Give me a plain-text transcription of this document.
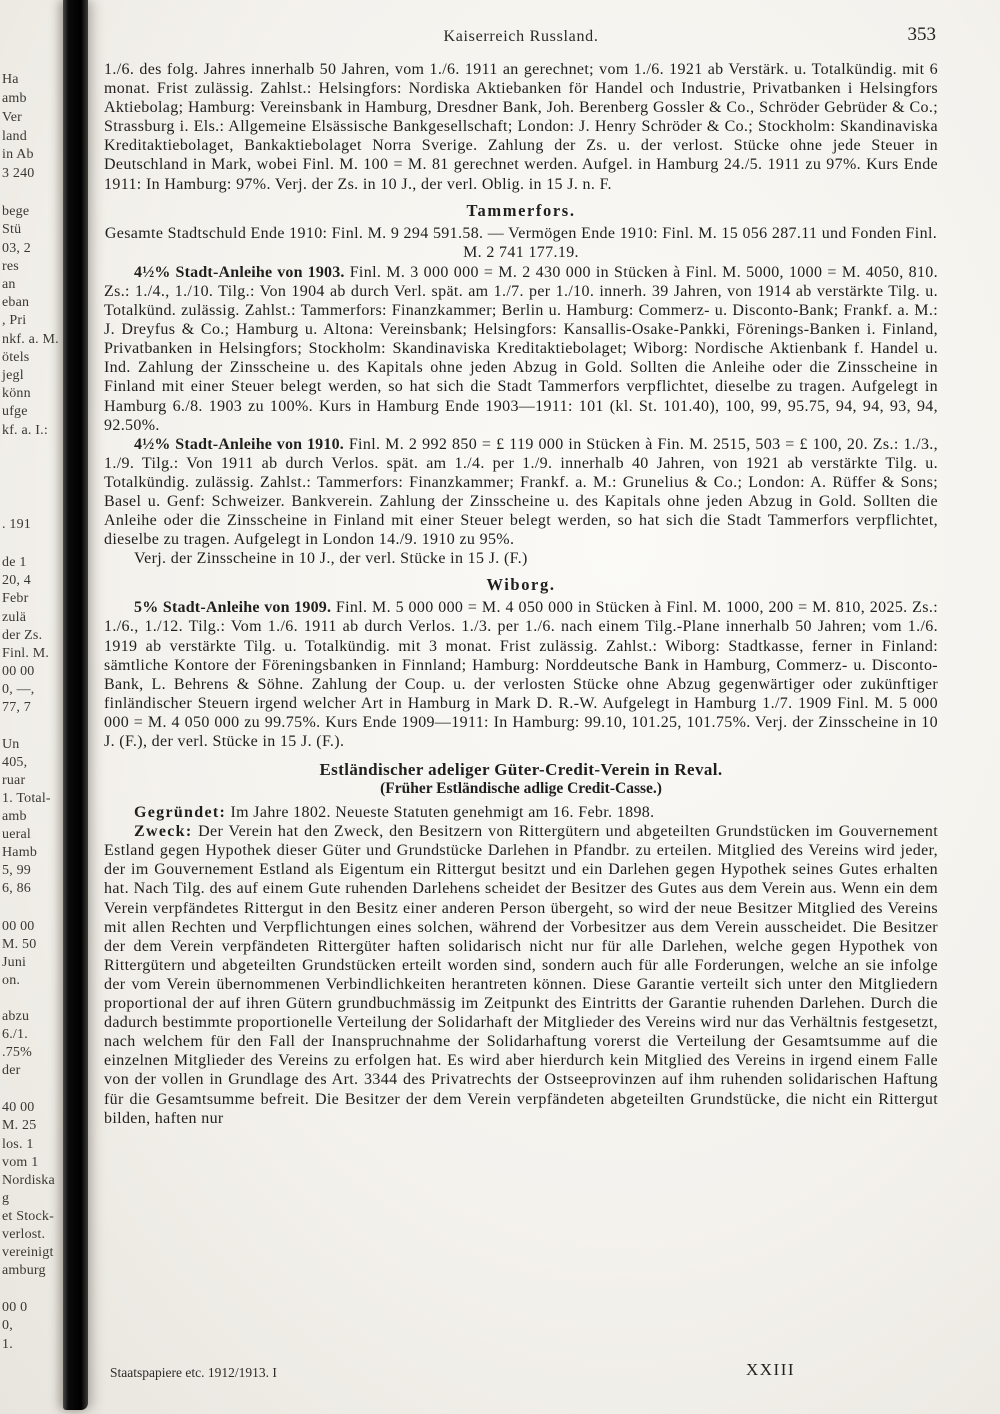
Ha
amb
Ver
land
in Ab
3 240
bege
Stü
03, 2
res
an
eban
, Pri
nkf. a. M.
ötels
jegl
könn
ufge
kf. a. I.:
. 191
de 1
20, 4
Febr
zulä
der Zs.
Finl. M.
00 00
0, —,
77, 7
Un
405,
ruar
1. Total-
amb
ueral
Hamb
5, 99
6, 86
00 00
M. 50
Juni
on.
abzu
6./1.
.75%
der
40 00
M. 25
los. 1
vom 1
Nordiska
g
et Stock-
verlost.
vereinigt
amburg
00 0
0,
1.
Kaiserreich Russland.	353

1./6. des folg. Jahres innerhalb 50 Jahren, vom 1./6. 1911 an gerechnet; vom 1./6. 1921 ab Verstärk. u. Totalkündig. mit 6 monat. Frist zulässig. Zahlst.: Helsingfors: Nordiska Aktiebanken för Handel och Industrie, Privatbanken i Helsingfors Aktiebolag; Hamburg: Vereinsbank in Hamburg, Dresdner Bank, Joh. Berenberg Gossler & Co., Schröder Gebrüder & Co.; Strassburg i. Els.: Allgemeine Elsässische Bankgesellschaft; London: J. Henry Schröder & Co.; Stockholm: Skandinaviska Kreditaktiebolaget, Bankaktiebolaget Norra Sverige. Zahlung der Zs. u. der verlost. Stücke ohne jede Steuer in Deutschland in Mark, wobei Finl. M. 100 = M. 81 gerechnet werden. Aufgel. in Hamburg 24./5. 1911 zu 97%. Kurs Ende 1911: In Hamburg: 97%. Verj. der Zs. in 10 J., der verl. Oblig. in 15 J. n. F.

Tammerfors.

Gesamte Stadtschuld Ende 1910: Finl. M. 9 294 591.58. — Vermögen Ende 1910: Finl. M. 15 056 287.11 und Fonden Finl. M. 2 741 177.19.

4½% Stadt-Anleihe von 1903. Finl. M. 3 000 000 = M. 2 430 000 in Stücken à Finl. M. 5000, 1000 = M. 4050, 810. Zs.: 1./4., 1./10. Tilg.: Von 1904 ab durch Verl. spät. am 1./7. per 1./10. innerh. 39 Jahren, von 1914 ab verstärkte Tilg. u. Totalkünd. zulässig. Zahlst.: Tammerfors: Finanzkammer; Berlin u. Hamburg: Commerz- u. Disconto-Bank; Frankf. a. M.: J. Dreyfus & Co.; Hamburg u. Altona: Vereinsbank; Helsingfors: Kansallis-Osake-Pankki, Förenings-Banken i. Finland, Privatbanken in Helsingfors; Stockholm: Skandinaviska Kreditaktiebolaget; Wiborg: Nordische Aktienbank f. Handel u. Ind. Zahlung der Zinsscheine u. des Kapitals ohne jeden Abzug in Gold. Sollten die Anleihe oder die Zinsscheine in Finland mit einer Steuer belegt werden, so hat sich die Stadt Tammerfors verpflichtet, dieselbe zu tragen. Aufgelegt in Hamburg 6./8. 1903 zu 100%. Kurs in Hamburg Ende 1903—1911: 101 (kl. St. 101.40), 100, 99, 95.75, 94, 94, 93, 94, 92.50%.

4½% Stadt-Anleihe von 1910. Finl. M. 2 992 850 = £ 119 000 in Stücken à Fin. M. 2515, 503 = £ 100, 20. Zs.: 1./3., 1./9. Tilg.: Von 1911 ab durch Verlos. spät. am 1./4. per 1./9. innerhalb 40 Jahren, von 1921 ab verstärkte Tilg. u. Totalkündig. zulässig. Zahlst.: Tammerfors: Finanzkammer; Frankf. a. M.: Grunelius & Co.; London: A. Rüffer & Sons; Basel u. Genf: Schweizer. Bankverein. Zahlung der Zinsscheine u. des Kapitals ohne jeden Abzug in Gold. Sollten die Anleihe oder die Zinsscheine in Finland mit einer Steuer belegt werden, so hat sich die Stadt Tammerfors verpflichtet, dieselbe zu tragen. Aufgelegt in London 14./9. 1910 zu 95%.

Verj. der Zinsscheine in 10 J., der verl. Stücke in 15 J. (F.)

Wiborg.

5% Stadt-Anleihe von 1909. Finl. M. 5 000 000 = M. 4 050 000 in Stücken à Finl. M. 1000, 200 = M. 810, 2025. Zs.: 1./6., 1./12. Tilg.: Vom 1./6. 1911 ab durch Verlos. 1./3. per 1./6. nach einem Tilg.-Plane innerhalb 50 Jahren; vom 1./6. 1919 ab verstärkte Tilg. u. Totalkündig. mit 3 monat. Frist zulässig. Zahlst.: Wiborg: Stadtkasse, ferner in Finland: sämtliche Kontore der Föreningsbanken in Finnland; Hamburg: Norddeutsche Bank in Hamburg, Commerz- u. Disconto-Bank, L. Behrens & Söhne. Zahlung der Coup. u. der verlosten Stücke ohne Abzug gegenwärtiger oder zukünftiger finländischer Steuern irgend welcher Art in Hamburg in Mark D. R.-W. Aufgelegt in Hamburg 1./7. 1909 Finl. M. 5 000 000 = M. 4 050 000 zu 99.75%. Kurs Ende 1909—1911: In Hamburg: 99.10, 101.25, 101.75%. Verj. der Zinsscheine in 10 J. (F.), der verl. Stücke in 15 J. (F.).

Estländischer adeliger Güter-Credit-Verein in Reval.
(Früher Estländische adlige Credit-Casse.)

Gegründet: Im Jahre 1802. Neueste Statuten genehmigt am 16. Febr. 1898.

Zweck: Der Verein hat den Zweck, den Besitzern von Rittergütern und abgeteilten Grundstücken im Gouvernement Estland gegen Hypothek dieser Güter und Grundstücke Darlehen in Pfandbr. zu erteilen. Mitglied des Vereins wird jeder, der im Gouvernement Estland als Eigentum ein Rittergut besitzt und ein Darlehen gegen Hypothek seines Gutes erhalten hat. Nach Tilg. des auf einem Gute ruhenden Darlehens scheidet der Besitzer des Gutes aus dem Verein aus. Wenn ein dem Verein verpfändetes Rittergut in den Besitz einer anderen Person übergeht, so wird der neue Besitzer Mitglied des Vereins mit allen Rechten und Verpflichtungen eines solchen, während der Vorbesitzer aus dem Verein ausscheidet. Die Besitzer der dem Verein verpfändeten Rittergüter haften solidarisch nicht nur für alle Darlehen, welche gegen Hypothek von Rittergütern und abgeteilten Grundstücken erteilt worden sind, sondern auch für alle Forderungen, welche an sie infolge der vom Verein übernommenen Verbindlichkeiten herantreten können. Diese Garantie verteilt sich unter den Mitgliedern proportional der auf ihren Gütern grundbuchmässig im Zeitpunkt des Eintritts der Garantie ruhenden Darlehen. Durch die dadurch bestimmte proportionelle Verteilung der Solidarhaft der Mitglieder des Vereins wird nur das Verhältnis festgesetzt, nach welchem für den Fall der Inanspruchnahme der Solidarhaftung vorerst die Verteilung der Gesamtsumme auf die einzelnen Mitglieder des Vereins zu erfolgen hat. Es wird aber hierdurch kein Mitglied des Vereins in irgend einem Falle von der vollen in Grundlage des Art. 3344 des Privatrechts der Ostseeprovinzen auf ihm ruhenden solidarischen Haftung für die Gesamtsumme befreit. Die Besitzer der dem Verein verpfändeten abgeteilten Grundstücke, die nicht ein Rittergut bilden, haften nur

Staatspapiere etc. 1912/1913. I	XXIII
